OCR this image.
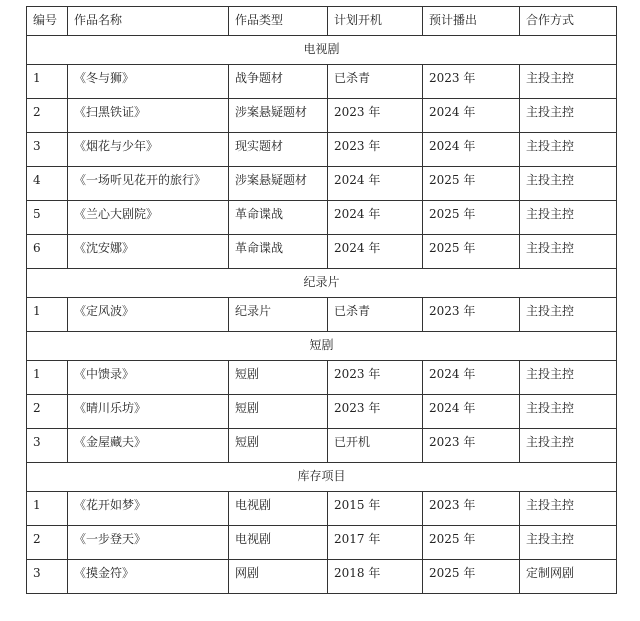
编号	作品名称	作品类型	计划开机	预计播出	合作方式
电视剧					
1	《冬与狮》	战争题材	已杀青	2023 年	主投主控
2	《扫黑铁证》	涉案悬疑题材	2023 年	2024 年	主投主控
3	《烟花与少年》	现实题材	2023 年	2024 年	主投主控
4	《一场听见花开的旅行》	涉案悬疑题材	2024 年	2025 年	主投主控
5	《兰心大剧院》	革命谍战	2024 年	2025 年	主投主控
6	《沈安娜》	革命谍战	2024 年	2025 年	主投主控
纪录片					
1	《定风波》	纪录片	已杀青	2023 年	主投主控
短剧					
1	《中馈录》	短剧	2023 年	2024 年	主投主控
2	《晴川乐坊》	短剧	2023 年	2024 年	主投主控
3	《金屋藏夫》	短剧	已开机	2023 年	主投主控
库存项目					
1	《花开如梦》	电视剧	2015 年	2023 年	主投主控
2	《一步登天》	电视剧	2017 年	2025 年	主投主控
3	《摸金符》	网剧	2018 年	2025 年	定制网剧
